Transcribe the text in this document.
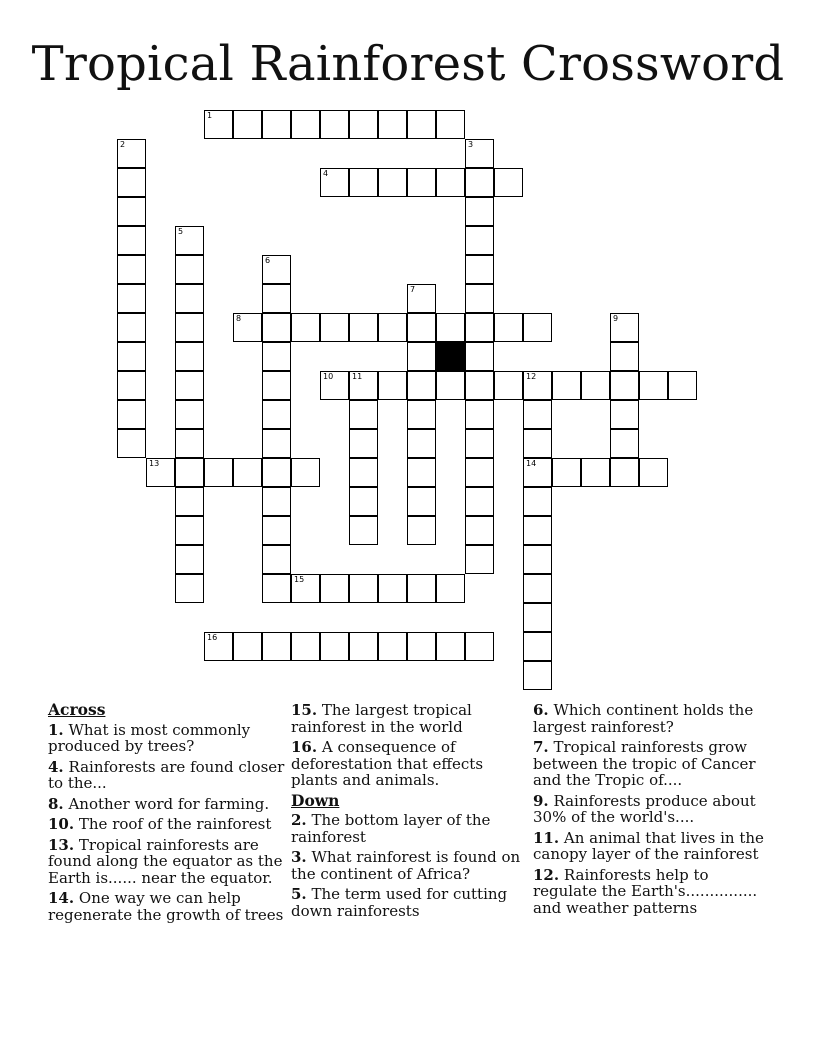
Tropical Rainforest Crossword
1
4
8
10 11	12
13	14
15
16
2	3
5
6
7
9
Across
1. What is most commonly produced by trees?
4. Rainforests are found closer to the...
8. Another word for farming.
10. The roof of the rainforest
13. Tropical rainforests are found along the equator as the Earth is...... near the equator.
14. One way we can help regenerate the growth of trees
15. The largest tropical rainforest in the world
16. A consequence of deforestation that effects plants and animals.
Down
2. The bottom layer of the rainforest
3. What rainforest is found on the continent of Africa?
5. The term used for cutting down rainforests
6. Which continent holds the largest rainforest?
7. Tropical rainforests grow between the tropic of Cancer and the Tropic of....
9. Rainforests produce about 30% of the world's....
11. An animal that lives in the canopy layer of the rainforest
12. Rainforests help to regulate the Earth's............... and weather patterns
